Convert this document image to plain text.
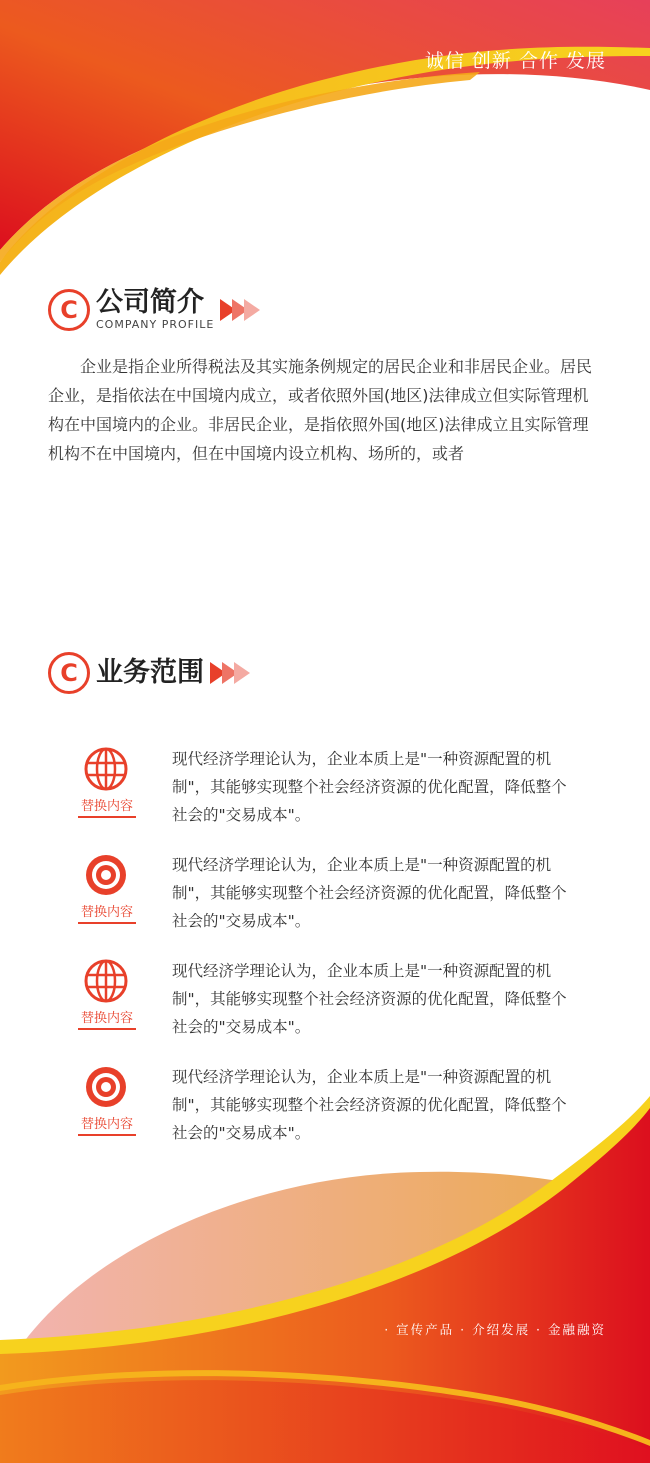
诚信 创新 合作 发展
C 公司简介
COMPANY PROFILE

企业是指企业所得税法及其实施条例规定的居民企业和非居民企业。居民企业，是指依法在中国境内成立，或者依照外国(地区)法律成立但实际管理机构在中国境内的企业。非居民企业，是指依照外国(地区)法律成立且实际管理机构不在中国境内，但在中国境内设立机构、场所的，或者

C 业务范围
替换内容
现代经济学理论认为，企业本质上是"一种资源配置的机制"，其能够实现整个社会经济资源的优化配置，降低整个社会的"交易成本"。
替换内容
现代经济学理论认为，企业本质上是"一种资源配置的机制"，其能够实现整个社会经济资源的优化配置，降低整个社会的"交易成本"。
替换内容
现代经济学理论认为，企业本质上是"一种资源配置的机制"，其能够实现整个社会经济资源的优化配置，降低整个社会的"交易成本"。
替换内容
现代经济学理论认为，企业本质上是"一种资源配置的机制"，其能够实现整个社会经济资源的优化配置，降低整个社会的"交易成本"。
· 宣传产品 · 介绍发展 · 金融融资
